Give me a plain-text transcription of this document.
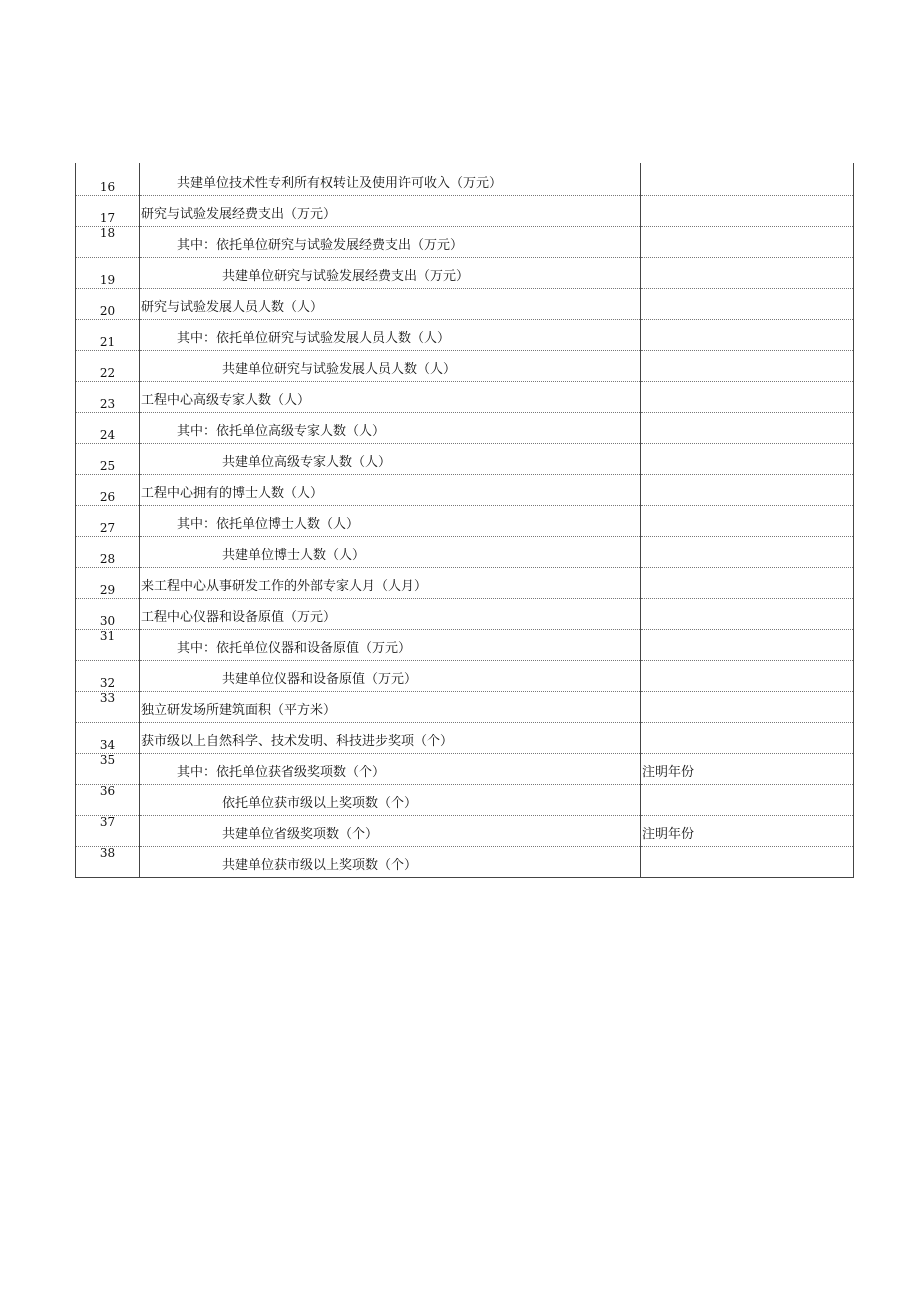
16	共建单位技术性专利所有权转让及使用许可收入（万元）	
17	研究与试验发展经费支出（万元）	
18	其中：依托单位研究与试验发展经费支出（万元）	
19	共建单位研究与试验发展经费支出（万元）	
20	研究与试验发展人员人数（人）	
21	其中：依托单位研究与试验发展人员人数（人）	
22	共建单位研究与试验发展人员人数（人）	
23	工程中心高级专家人数（人）	
24	其中：依托单位高级专家人数（人）	
25	共建单位高级专家人数（人）	
26	工程中心拥有的博士人数（人）	
27	其中：依托单位博士人数（人）	
28	共建单位博士人数（人）	
29	来工程中心从事研发工作的外部专家人月（人月）	
30	工程中心仪器和设备原值（万元）	
31	其中：依托单位仪器和设备原值（万元）	
32	共建单位仪器和设备原值（万元）	
33	独立研发场所建筑面积（平方米）	
34	获市级以上自然科学、技术发明、科技进步奖项（个）	
35	其中：依托单位获省级奖项数（个）	注明年份
36	依托单位获市级以上奖项数（个）	
37	共建单位省级奖项数（个）	注明年份
38	共建单位获市级以上奖项数（个）	
